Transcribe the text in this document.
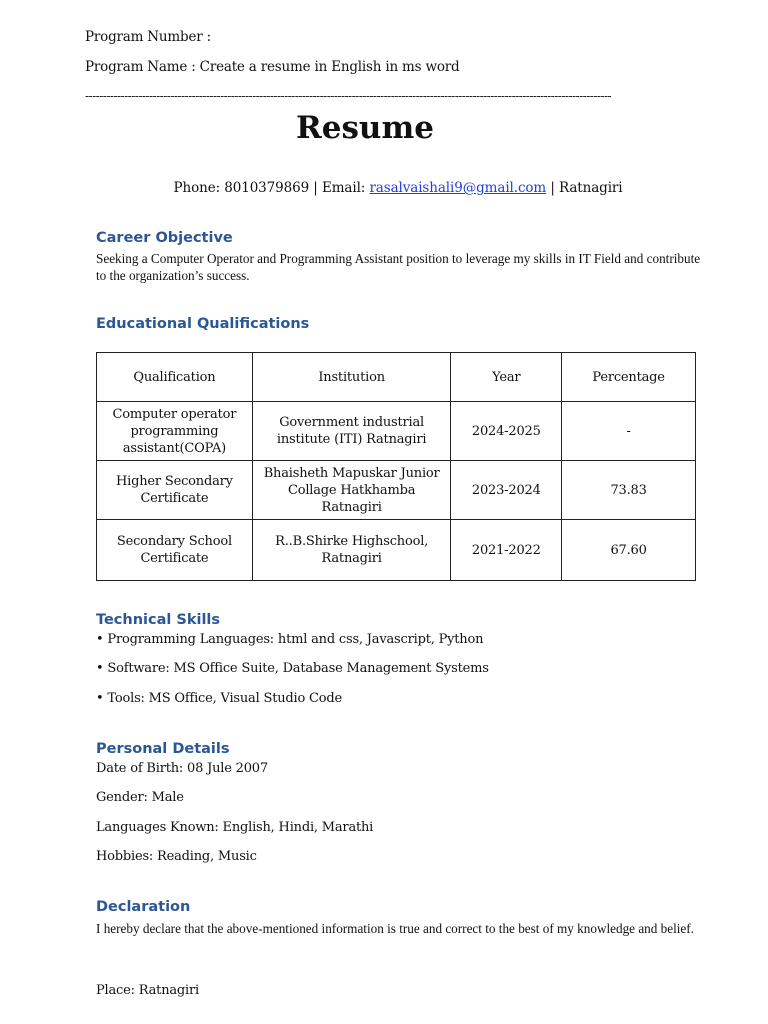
Program Number :
Program Name : Create a resume in English in ms word
----------------------------------------------------------------------------------------------------------------------------------------------------
Resume
Phone: 8010379869 | Email: rasalvaishali9@gmail.com | Ratnagiri
Career Objective
Seeking a Computer Operator and Programming Assistant position to leverage my skills in IT Field and contribute to the organization’s success.
Educational Qualifications
Qualification	Institution	Year	Percentage
Computer operator programming assistant(COPA)	Government industrial institute (ITI) Ratnagiri	2024-2025	-
Higher Secondary Certificate	Bhaisheth Mapuskar Junior Collage Hatkhamba Ratnagiri	2023-2024	73.83
Secondary School Certificate	R..B.Shirke Highschool, Ratnagiri	2021-2022	67.60
Technical Skills
• Programming Languages: html and css, Javascript, Python
• Software: MS Office Suite, Database Management Systems
• Tools: MS Office, Visual Studio Code
Personal Details
Date of Birth: 08 Jule 2007
Gender: Male
Languages Known: English, Hindi, Marathi
Hobbies: Reading, Music
Declaration
I hereby declare that the above-mentioned information is true and correct to the best of my knowledge and belief.
Place: Ratnagiri
